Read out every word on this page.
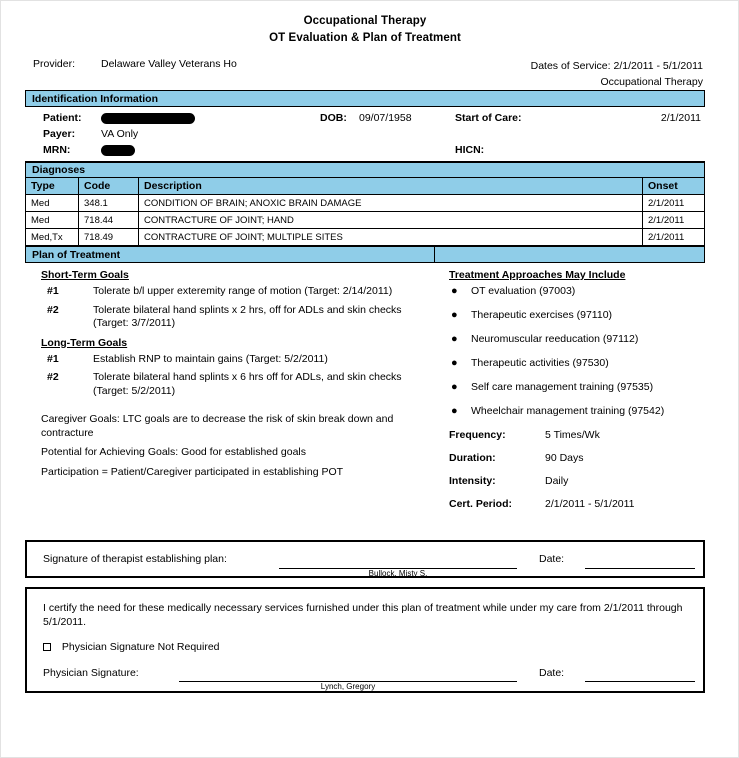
Occupational Therapy
OT Evaluation & Plan of Treatment
Provider: Delaware Valley Veterans Ho	Dates of Service: 2/1/2011 - 5/1/2011
Occupational Therapy
Identification Information
Patient:	DOB: 09/07/1958	Start of Care:	2/1/2011
Payer: VA Only
MRN:	HICN:
Diagnoses
Type	Code	Description	Onset
Med	348.1	CONDITION OF BRAIN; ANOXIC BRAIN DAMAGE	2/1/2011
Med	718.44	CONTRACTURE OF JOINT; HAND	2/1/2011
Med,Tx	718.49	CONTRACTURE OF JOINT; MULTIPLE SITES	2/1/2011
Plan of Treatment
Short-Term Goals
#1	Tolerate b/l upper exteremity range of motion (Target: 2/14/2011)
#2	Tolerate bilateral hand splints x 2 hrs, off for ADLs and skin checks (Target: 3/7/2011)
Long-Term Goals
#1	Establish RNP to maintain gains (Target: 5/2/2011)
#2	Tolerate bilateral hand splints x 6 hrs off for ADLs, and skin checks (Target: 5/2/2011)
Caregiver Goals: LTC goals are to decrease the risk of skin break down and contracture
Potential for Achieving Goals: Good for established goals
Participation = Patient/Caregiver participated in establishing POT
Treatment Approaches May Include
● OT evaluation (97003)
● Therapeutic exercises (97110)
● Neuromuscular reeducation (97112)
● Therapeutic activities (97530)
● Self care management training (97535)
● Wheelchair management training (97542)
Frequency:	5 Times/Wk
Duration:	90 Days
Intensity:	Daily
Cert. Period:	2/1/2011 - 5/1/2011
Signature of therapist establishing plan:
Bullock, Misty S.
Date:
I certify the need for these medically necessary services furnished under this plan of treatment while under my care from 2/1/2011 through 5/1/2011.
Physician Signature Not Required
Physician Signature:
Lynch, Gregory
Date:
